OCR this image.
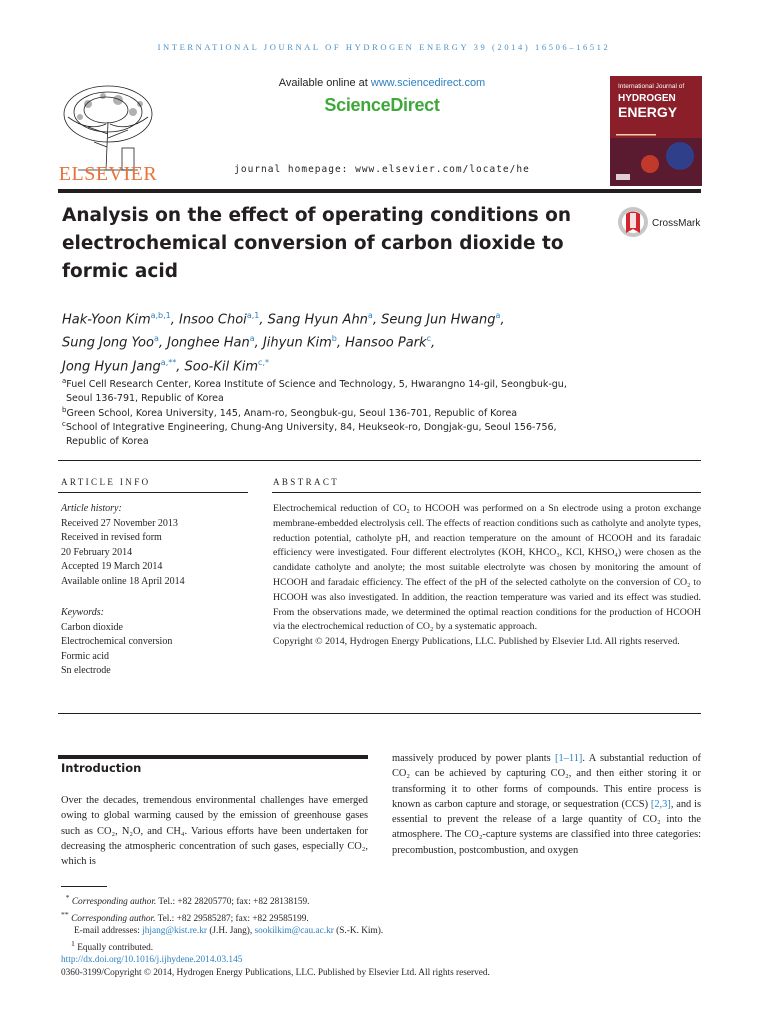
INTERNATIONAL JOURNAL OF HYDROGEN ENERGY 39 (2014) 16506–16512
ELSEVIER
Available online at www.sciencedirect.com
ScienceDirect
journal homepage: www.elsevier.com/locate/he
International Journal of
HYDROGEN
ENERGY
Analysis on the effect of operating conditions on electrochemical conversion of carbon dioxide to formic acid
CrossMark
Hak-Yoon Kim$^{a,b,1}$, Insoo Choi$^{a,1}$, Sang Hyun Ahn$^a$, Seung Jun Hwang$^a$,
Sung Jong Yoo$^a$, Jonghee Han$^a$, Jihyun Kim$^b$, Hansoo Park$^c$,
Jong Hyun Jang$^{a,**}$, Soo-Kil Kim$^{c,*}$
$^a$Fuel Cell Research Center, Korea Institute of Science and Technology, 5, Hwarangno 14-gil, Seongbuk-gu,
Seoul 136-791, Republic of Korea
$^b$Green School, Korea University, 145, Anam-ro, Seongbuk-gu, Seoul 136-701, Republic of Korea
$^c$School of Integrative Engineering, Chung-Ang University, 84, Heukseok-ro, Dongjak-gu, Seoul 156-756,
Republic of Korea
ARTICLE INFO
Article history:
Received 27 November 2013
Received in revised form
20 February 2014
Accepted 19 March 2014
Available online 18 April 2014
Keywords:
Carbon dioxide
Electrochemical conversion
Formic acid
Sn electrode
ABSTRACT

Electrochemical reduction of CO₂ to HCOOH was performed on a Sn electrode using a proton exchange membrane-embedded electrolysis cell. The effects of reaction conditions such as catholyte and anolyte types, reduction potential, catholyte pH, and reaction temperature on the amount of HCOOH and its faradaic efficiency were investigated. Four different electrolytes (KOH, KHCO₃, KCl, KHSO₄) were chosen as the candidate catholyte and anolyte; the most suitable electrolyte was chosen by monitoring the amount of HCOOH and faradaic efficiency. The effect of the pH of the selected catholyte on the conversion of CO₂ to HCOOH was also investigated. In addition, the reaction temperature was varied and its effect was studied. From the observations made, we determined the optimal reaction conditions for the production of HCOOH via the electrochemical reduction of CO₂ by a systematic approach.

Copyright © 2014, Hydrogen Energy Publications, LLC. Published by Elsevier Ltd. All rights reserved.

Introduction

Over the decades, tremendous environmental challenges have emerged owing to global warming caused by the emission of greenhouse gases such as CO₂, N₂O, and CH₄. Various efforts have been undertaken for decreasing the atmospheric concentration of such gases, especially CO₂, which is

massively produced by power plants [1–11]. A substantial reduction of CO₂ can be achieved by capturing CO₂, and then either storing it or transforming it to other forms of compounds. This entire process is known as carbon capture and storage, or sequestration (CCS) [2,3], and is essential to prevent the release of a large quantity of CO₂ into the atmosphere. The CO₂-capture systems are classified into three categories: precombustion, postcombustion, and oxygen

* Corresponding author. Tel.: +82 28205770; fax: +82 28138159.

** Corresponding author. Tel.: +82 29585287; fax: +82 29585199.

E-mail addresses: jhjang@kist.re.kr (J.H. Jang), sookilkim@cau.ac.kr (S.-K. Kim).

$^1$ Equally contributed.

http://dx.doi.org/10.1016/j.ijhydene.2014.03.145

0360-3199/Copyright © 2014, Hydrogen Energy Publications, LLC. Published by Elsevier Ltd. All rights reserved.
